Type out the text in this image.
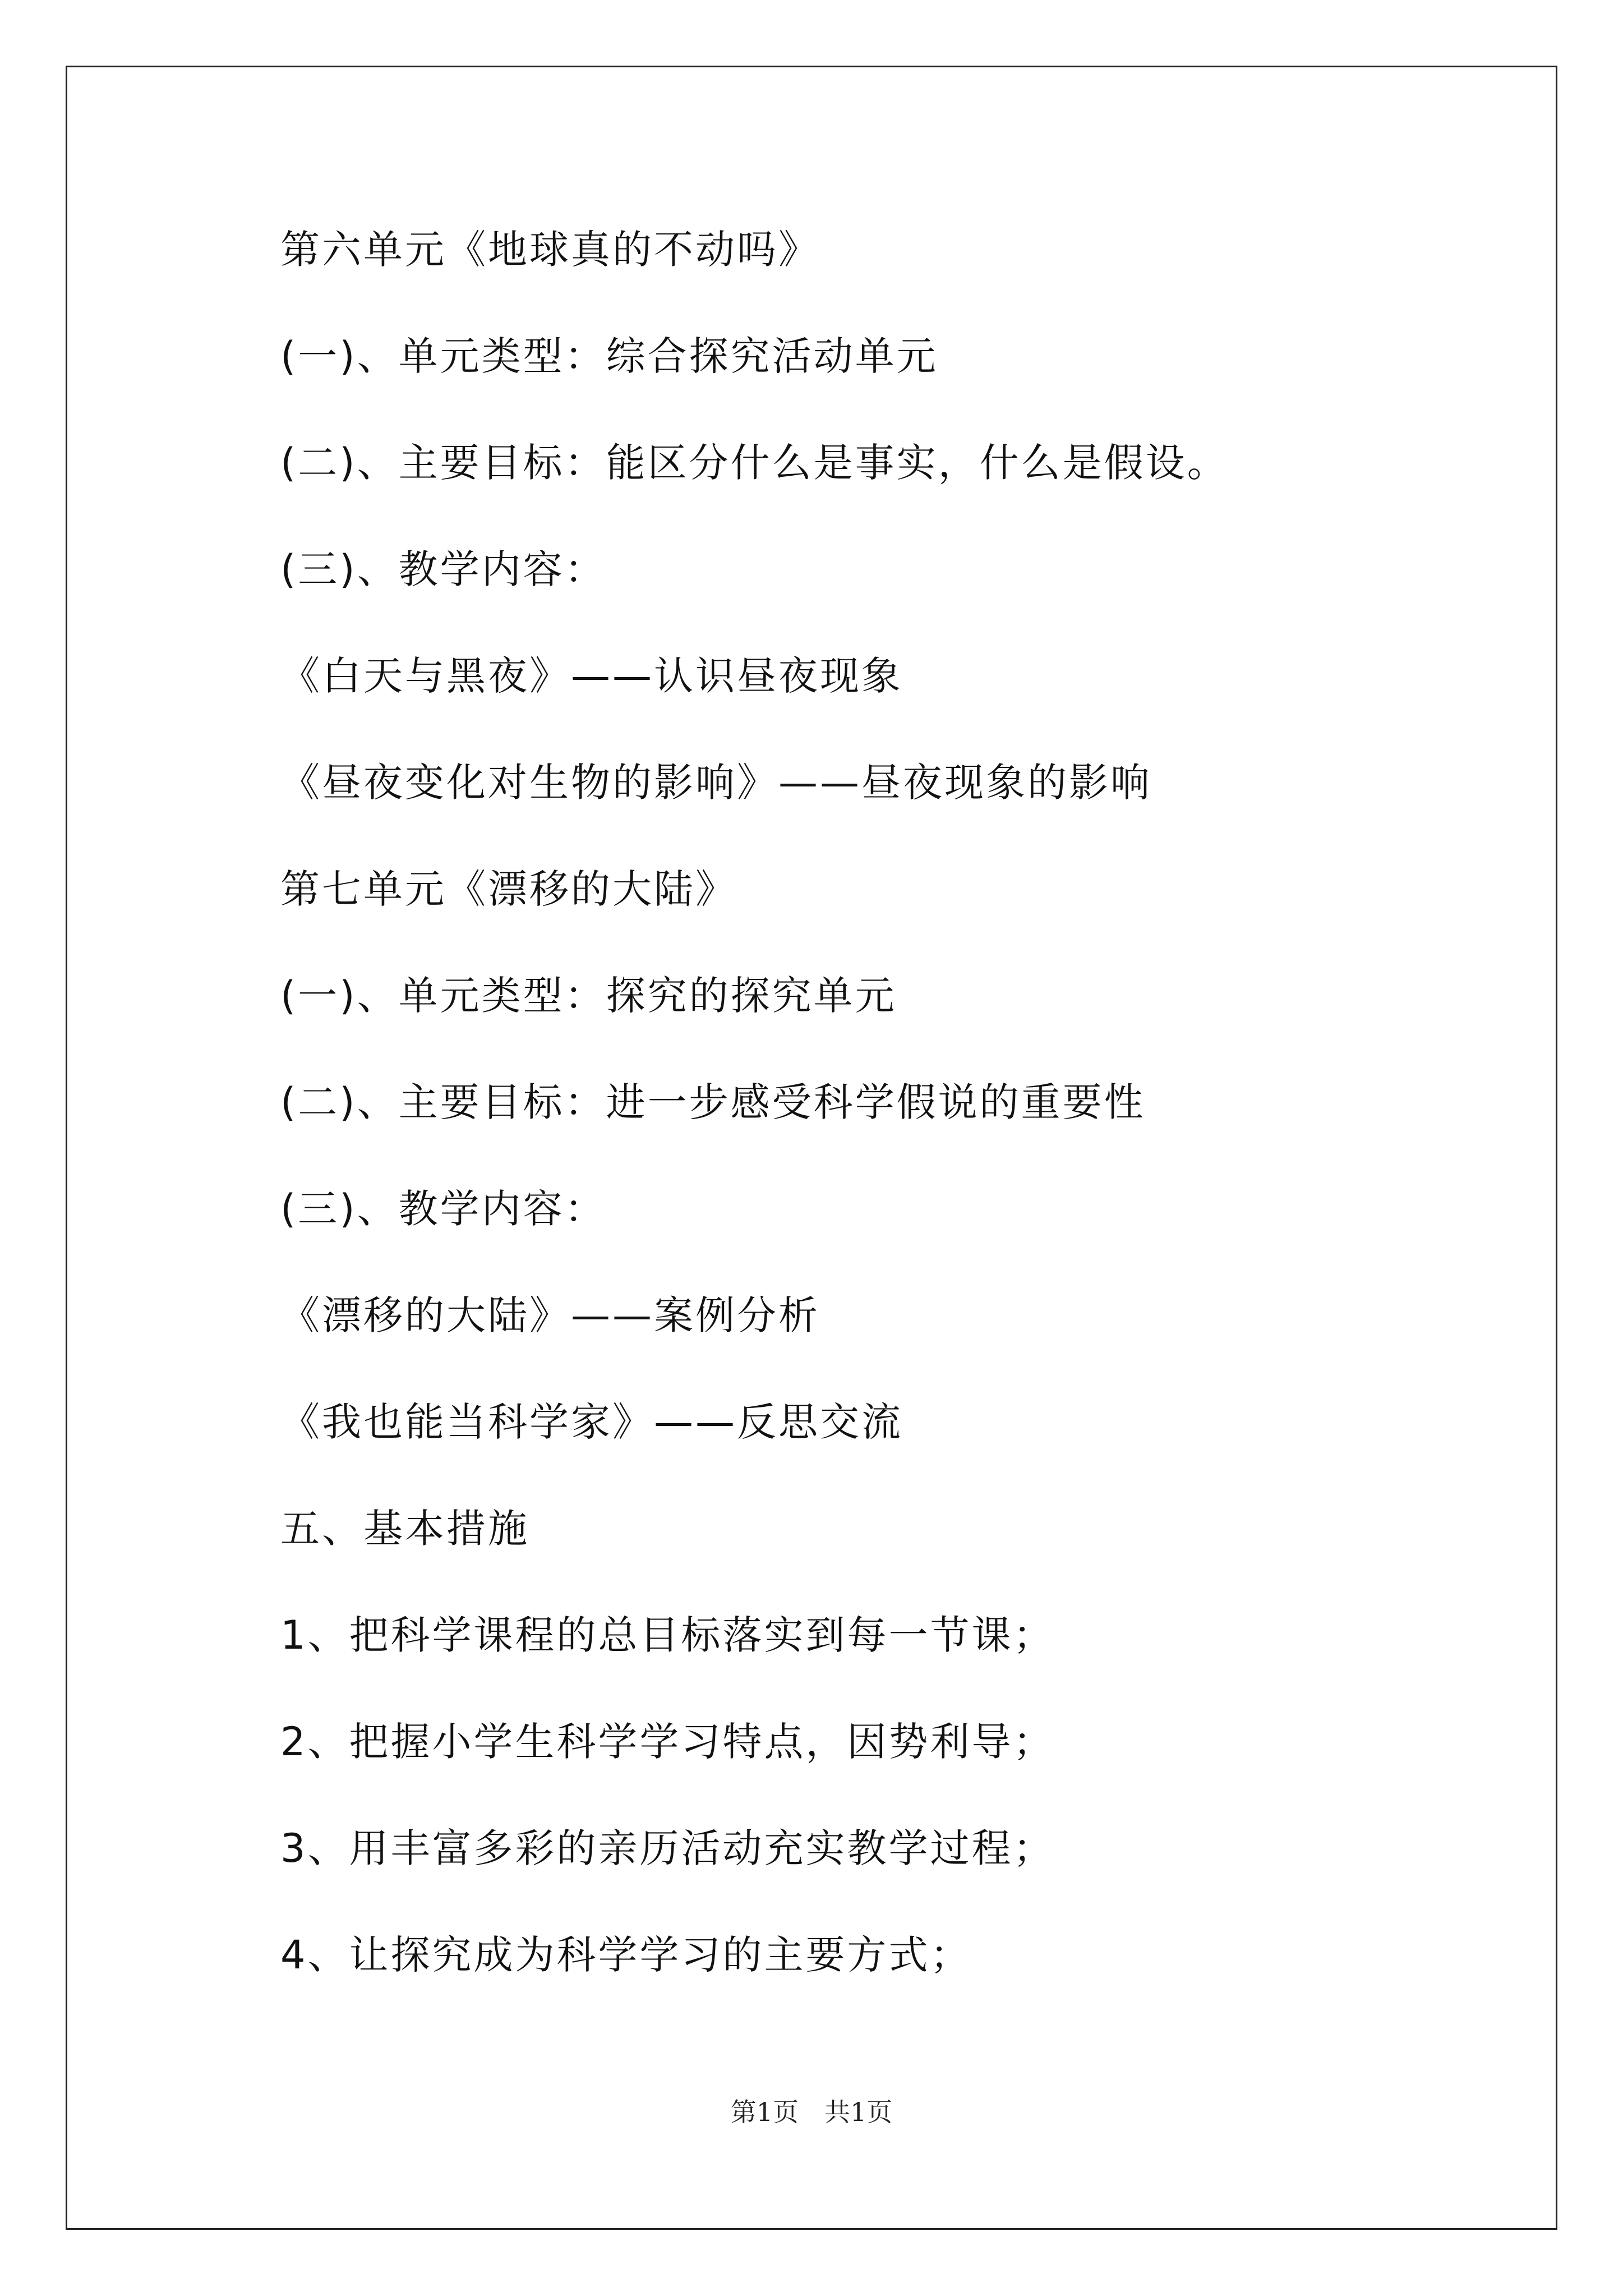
第六单元《地球真的不动吗》
(一)、单元类型：综合探究活动单元
(二)、主要目标：能区分什么是事实，什么是假设。
(三)、教学内容：
《白天与黑夜》——认识昼夜现象
《昼夜变化对生物的影响》——昼夜现象的影响
第七单元《漂移的大陆》
(一)、单元类型：探究的探究单元
(二)、主要目标：进一步感受科学假说的重要性
(三)、教学内容：
《漂移的大陆》——案例分析
《我也能当科学家》——反思交流
五、基本措施
1、把科学课程的总目标落实到每一节课；
2、把握小学生科学学习特点，因势利导；
3、用丰富多彩的亲历活动充实教学过程；
4、让探究成为科学学习的主要方式；
第1页　共1页
